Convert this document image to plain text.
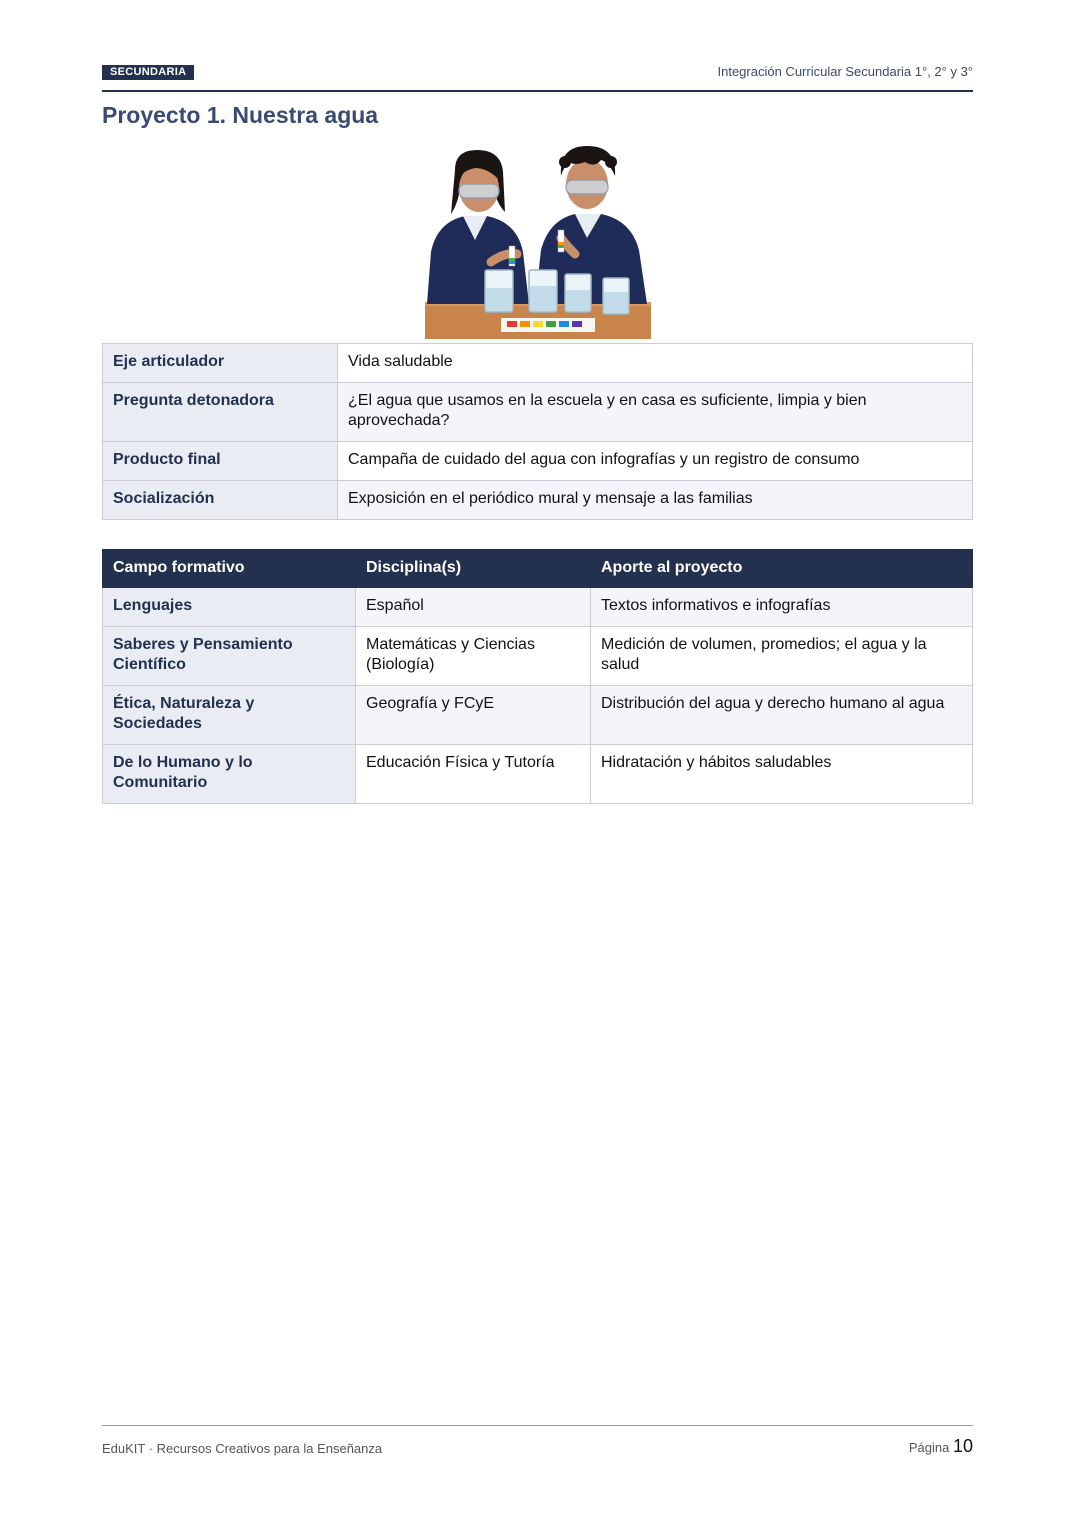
SECUNDARIA	Integración Curricular Secundaria 1°, 2° y 3°
Proyecto 1. Nuestra agua
Eje articulador	Vida saludable
Pregunta detonadora	¿El agua que usamos en la escuela y en casa es suficiente, limpia y bien aprovechada?
Producto final	Campaña de cuidado del agua con infografías y un registro de consumo
Socialización	Exposición en el periódico mural y mensaje a las familias
Campo formativo	Disciplina(s)	Aporte al proyecto
Lenguajes	Español	Textos informativos e infografías
Saberes y Pensamiento Científico	Matemáticas y Ciencias (Biología)	Medición de volumen, promedios; el agua y la salud
Ética, Naturaleza y Sociedades	Geografía y FCyE	Distribución del agua y derecho humano al agua
De lo Humano y lo Comunitario	Educación Física y Tutoría	Hidratación y hábitos saludables
EduKIT · Recursos Creativos para la Enseñanza	Página 10
